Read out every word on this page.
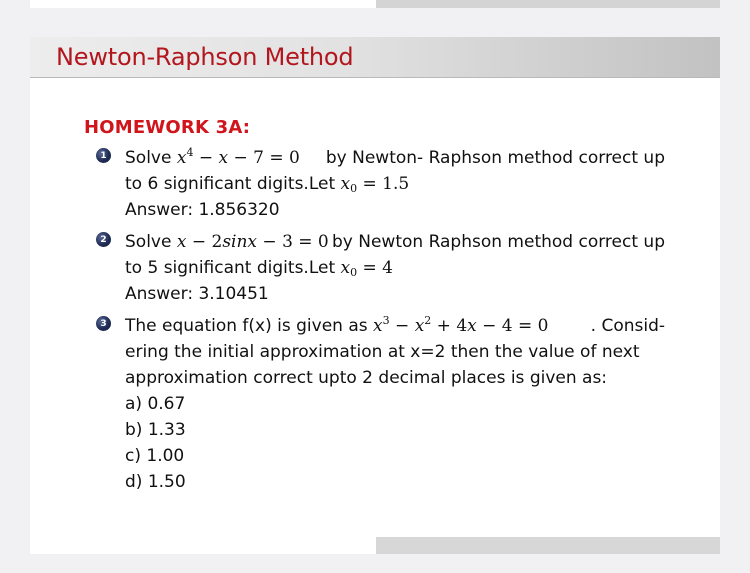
Newton-Raphson Method
HOMEWORK 3A:
1 Solve $x^4 - x - 7 = 0$ by Newton- Raphson method correct up
to 6 significant digits.Let $x_0 = 1.5$
Answer: 1.856320
2 Solve x − 2sinx − 3 = 0 by Newton Raphson method correct up
to 5 significant digits.Let $x_0 = 4$
Answer: 3.10451
3 The equation f(x) is given as $x^3 - x^2 + 4x - 4 = 0$ . Consid-
ering the initial approximation at x=2 then the value of next
approximation correct upto 2 decimal places is given as:
a) 0.67
b) 1.33
c) 1.00
d) 1.50
